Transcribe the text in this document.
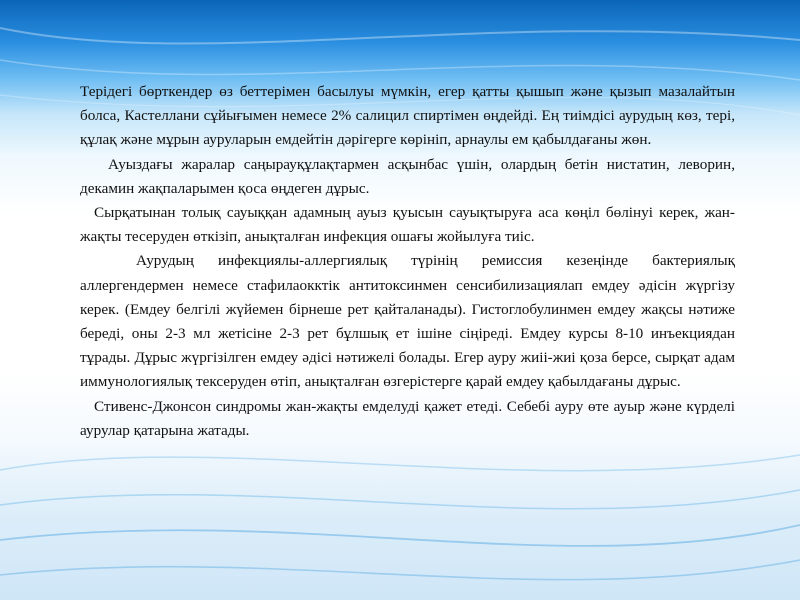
Терідегі бөрткендер өз беттерімен басылуы мүмкін, егер қатты қышып және қызып мазалайтын болса, Кастеллани сұйығымен немесе 2% салицил спиртімен өңдейді. Ең тиімдісі аурудың көз, тері, құлақ және мұрын ауруларын емдейтін дәрігерге көрініп, арнаулы ем қабылдағаны жөн.

Ауыздағы жаралар саңырауқұлақтармен асқынбас үшін, олардың бетін нистатин, леворин, декамин жақпаларымен қоса өңдеген дұрыс.

Сырқатынан толық сауыққан адамның ауыз қуысын сауықтыруға аса көңіл бөлінуі керек, жан-жақты тесеруден өткізіп, анықталған инфекция ошағы жойылуға тиіс.

Аурудың инфекциялы-аллергиялық түрінің ремиссия кезеңінде бактериялық аллергендермен немесе стафилаокктік антитоксинмен сенсибилизациялап емдеу әдісін жүргізу керек. (Емдеу белгілі жүйемен бірнеше рет қайталанады). Гистоглобулинмен емдеу жақсы нәтиже береді, оны 2-3 мл жетісіне 2-3 рет бұлшық ет ішіне сіңіреді. Емдеу курсы 8-10 инъекциядан тұрады. Дұрыс жүргізілген емдеу әдісі нәтижелі болады. Егер ауру жиіі-жиі қоза берсе, сырқат адам иммунологиялық тексеруден өтіп, анықталған өзгерістерге қарай емдеу қабылдағаны дұрыс.

Стивенс-Джонсон синдромы жан-жақты емделуді қажет етеді. Себебі ауру өте ауыр және күрделі аурулар қатарына жатады.
